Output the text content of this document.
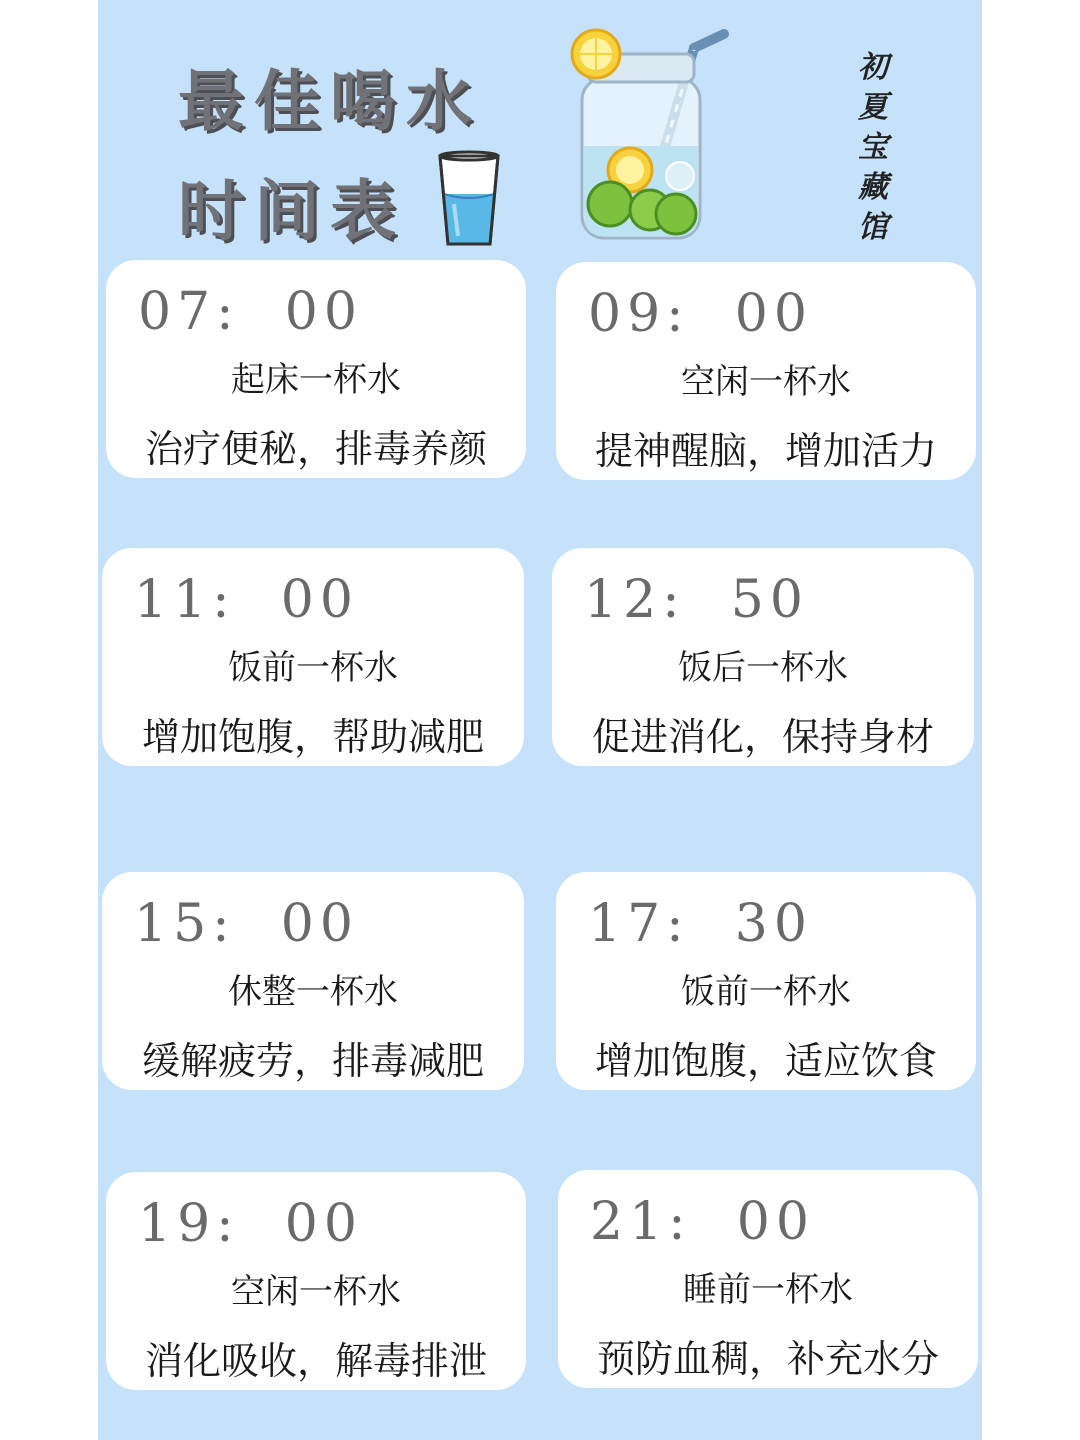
最佳喝水
时间表
初夏宝藏馆
07:  00
起床一杯水
治疗便秘，排毒养颜
09:  00
空闲一杯水
提神醒脑，增加活力
11:  00
饭前一杯水
增加饱腹，帮助减肥
12:  50
饭后一杯水
促进消化，保持身材
15:  00
休整一杯水
缓解疲劳，排毒减肥
17:  30
饭前一杯水
增加饱腹，适应饮食
19:  00
空闲一杯水
消化吸收，解毒排泄
21:  00
睡前一杯水
预防血稠，补充水分
